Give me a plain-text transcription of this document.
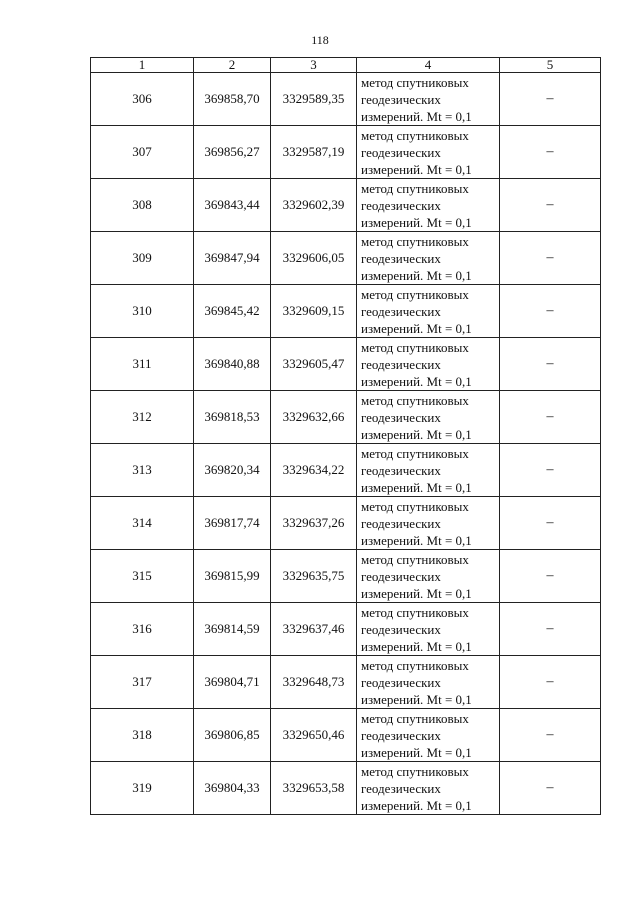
118
1	2	3	4	5
306	369858,70	3329589,35	метод спутниковых
геодезических
измерений. Mt = 0,1	–
307	369856,27	3329587,19	метод спутниковых
геодезических
измерений. Mt = 0,1	–
308	369843,44	3329602,39	метод спутниковых
геодезических
измерений. Mt = 0,1	–
309	369847,94	3329606,05	метод спутниковых
геодезических
измерений. Mt = 0,1	–
310	369845,42	3329609,15	метод спутниковых
геодезических
измерений. Mt = 0,1	–
311	369840,88	3329605,47	метод спутниковых
геодезических
измерений. Mt = 0,1	–
312	369818,53	3329632,66	метод спутниковых
геодезических
измерений. Mt = 0,1	–
313	369820,34	3329634,22	метод спутниковых
геодезических
измерений. Mt = 0,1	–
314	369817,74	3329637,26	метод спутниковых
геодезических
измерений. Mt = 0,1	–
315	369815,99	3329635,75	метод спутниковых
геодезических
измерений. Mt = 0,1	–
316	369814,59	3329637,46	метод спутниковых
геодезических
измерений. Mt = 0,1	–
317	369804,71	3329648,73	метод спутниковых
геодезических
измерений. Mt = 0,1	–
318	369806,85	3329650,46	метод спутниковых
геодезических
измерений. Mt = 0,1	–
319	369804,33	3329653,58	метод спутниковых
геодезических
измерений. Mt = 0,1	–
